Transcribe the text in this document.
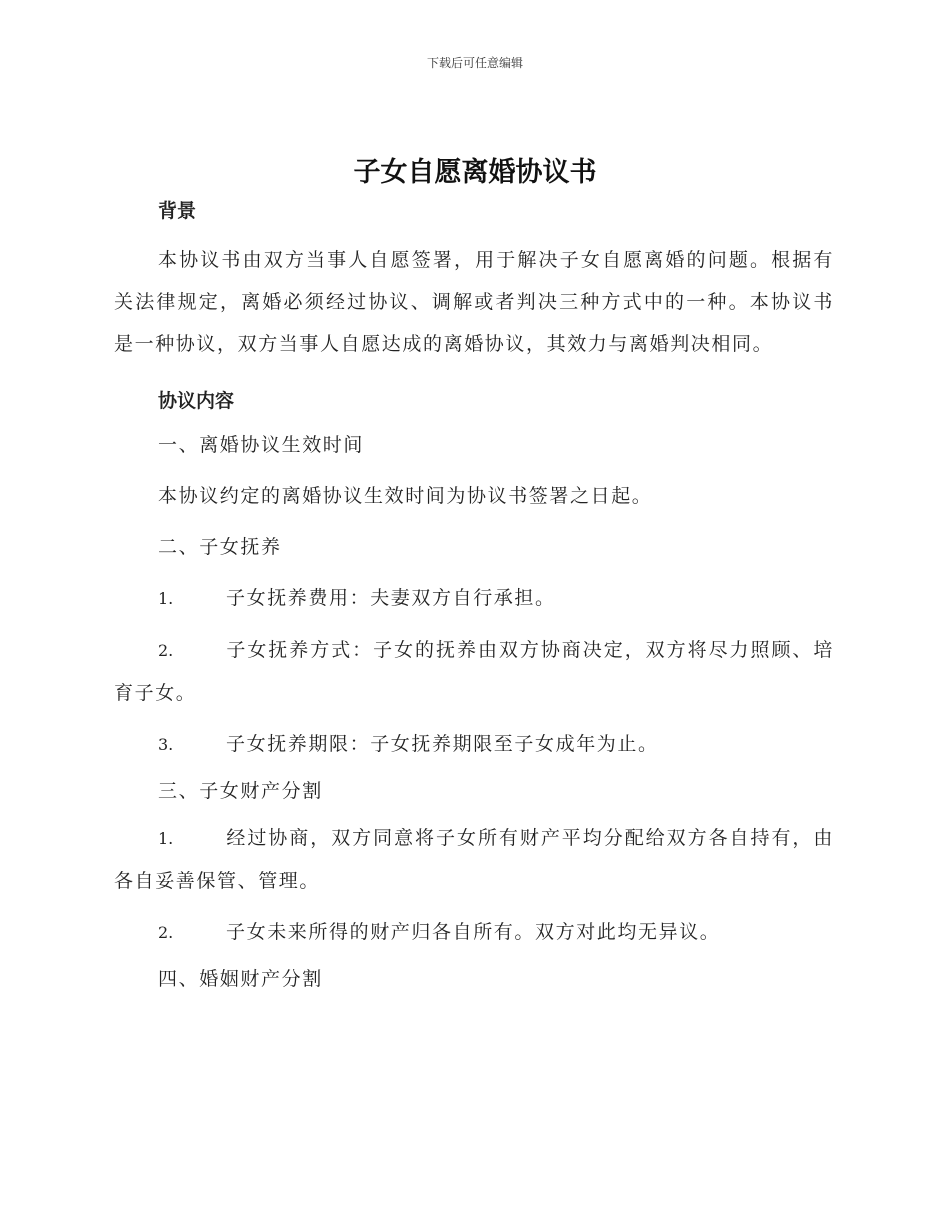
下载后可任意编辑
子女自愿离婚协议书

背景

本协议书由双方当事人自愿签署，用于解决子女自愿离婚的问题。根据有关法律规定，离婚必须经过协议、调解或者判决三种方式中的一种。本协议书是一种协议，双方当事人自愿达成的离婚协议，其效力与离婚判决相同。

协议内容

一、离婚协议生效时间

本协议约定的离婚协议生效时间为协议书签署之日起。

二、子女抚养

1.	子女抚养费用：夫妻双方自行承担。

2.	子女抚养方式：子女的抚养由双方协商决定，双方将尽力照顾、培育子女。

3.	子女抚养期限：子女抚养期限至子女成年为止。

三、子女财产分割

1.	经过协商，双方同意将子女所有财产平均分配给双方各自持有，由各自妥善保管、管理。

2.	子女未来所得的财产归各自所有。双方对此均无异议。

四、婚姻财产分割
